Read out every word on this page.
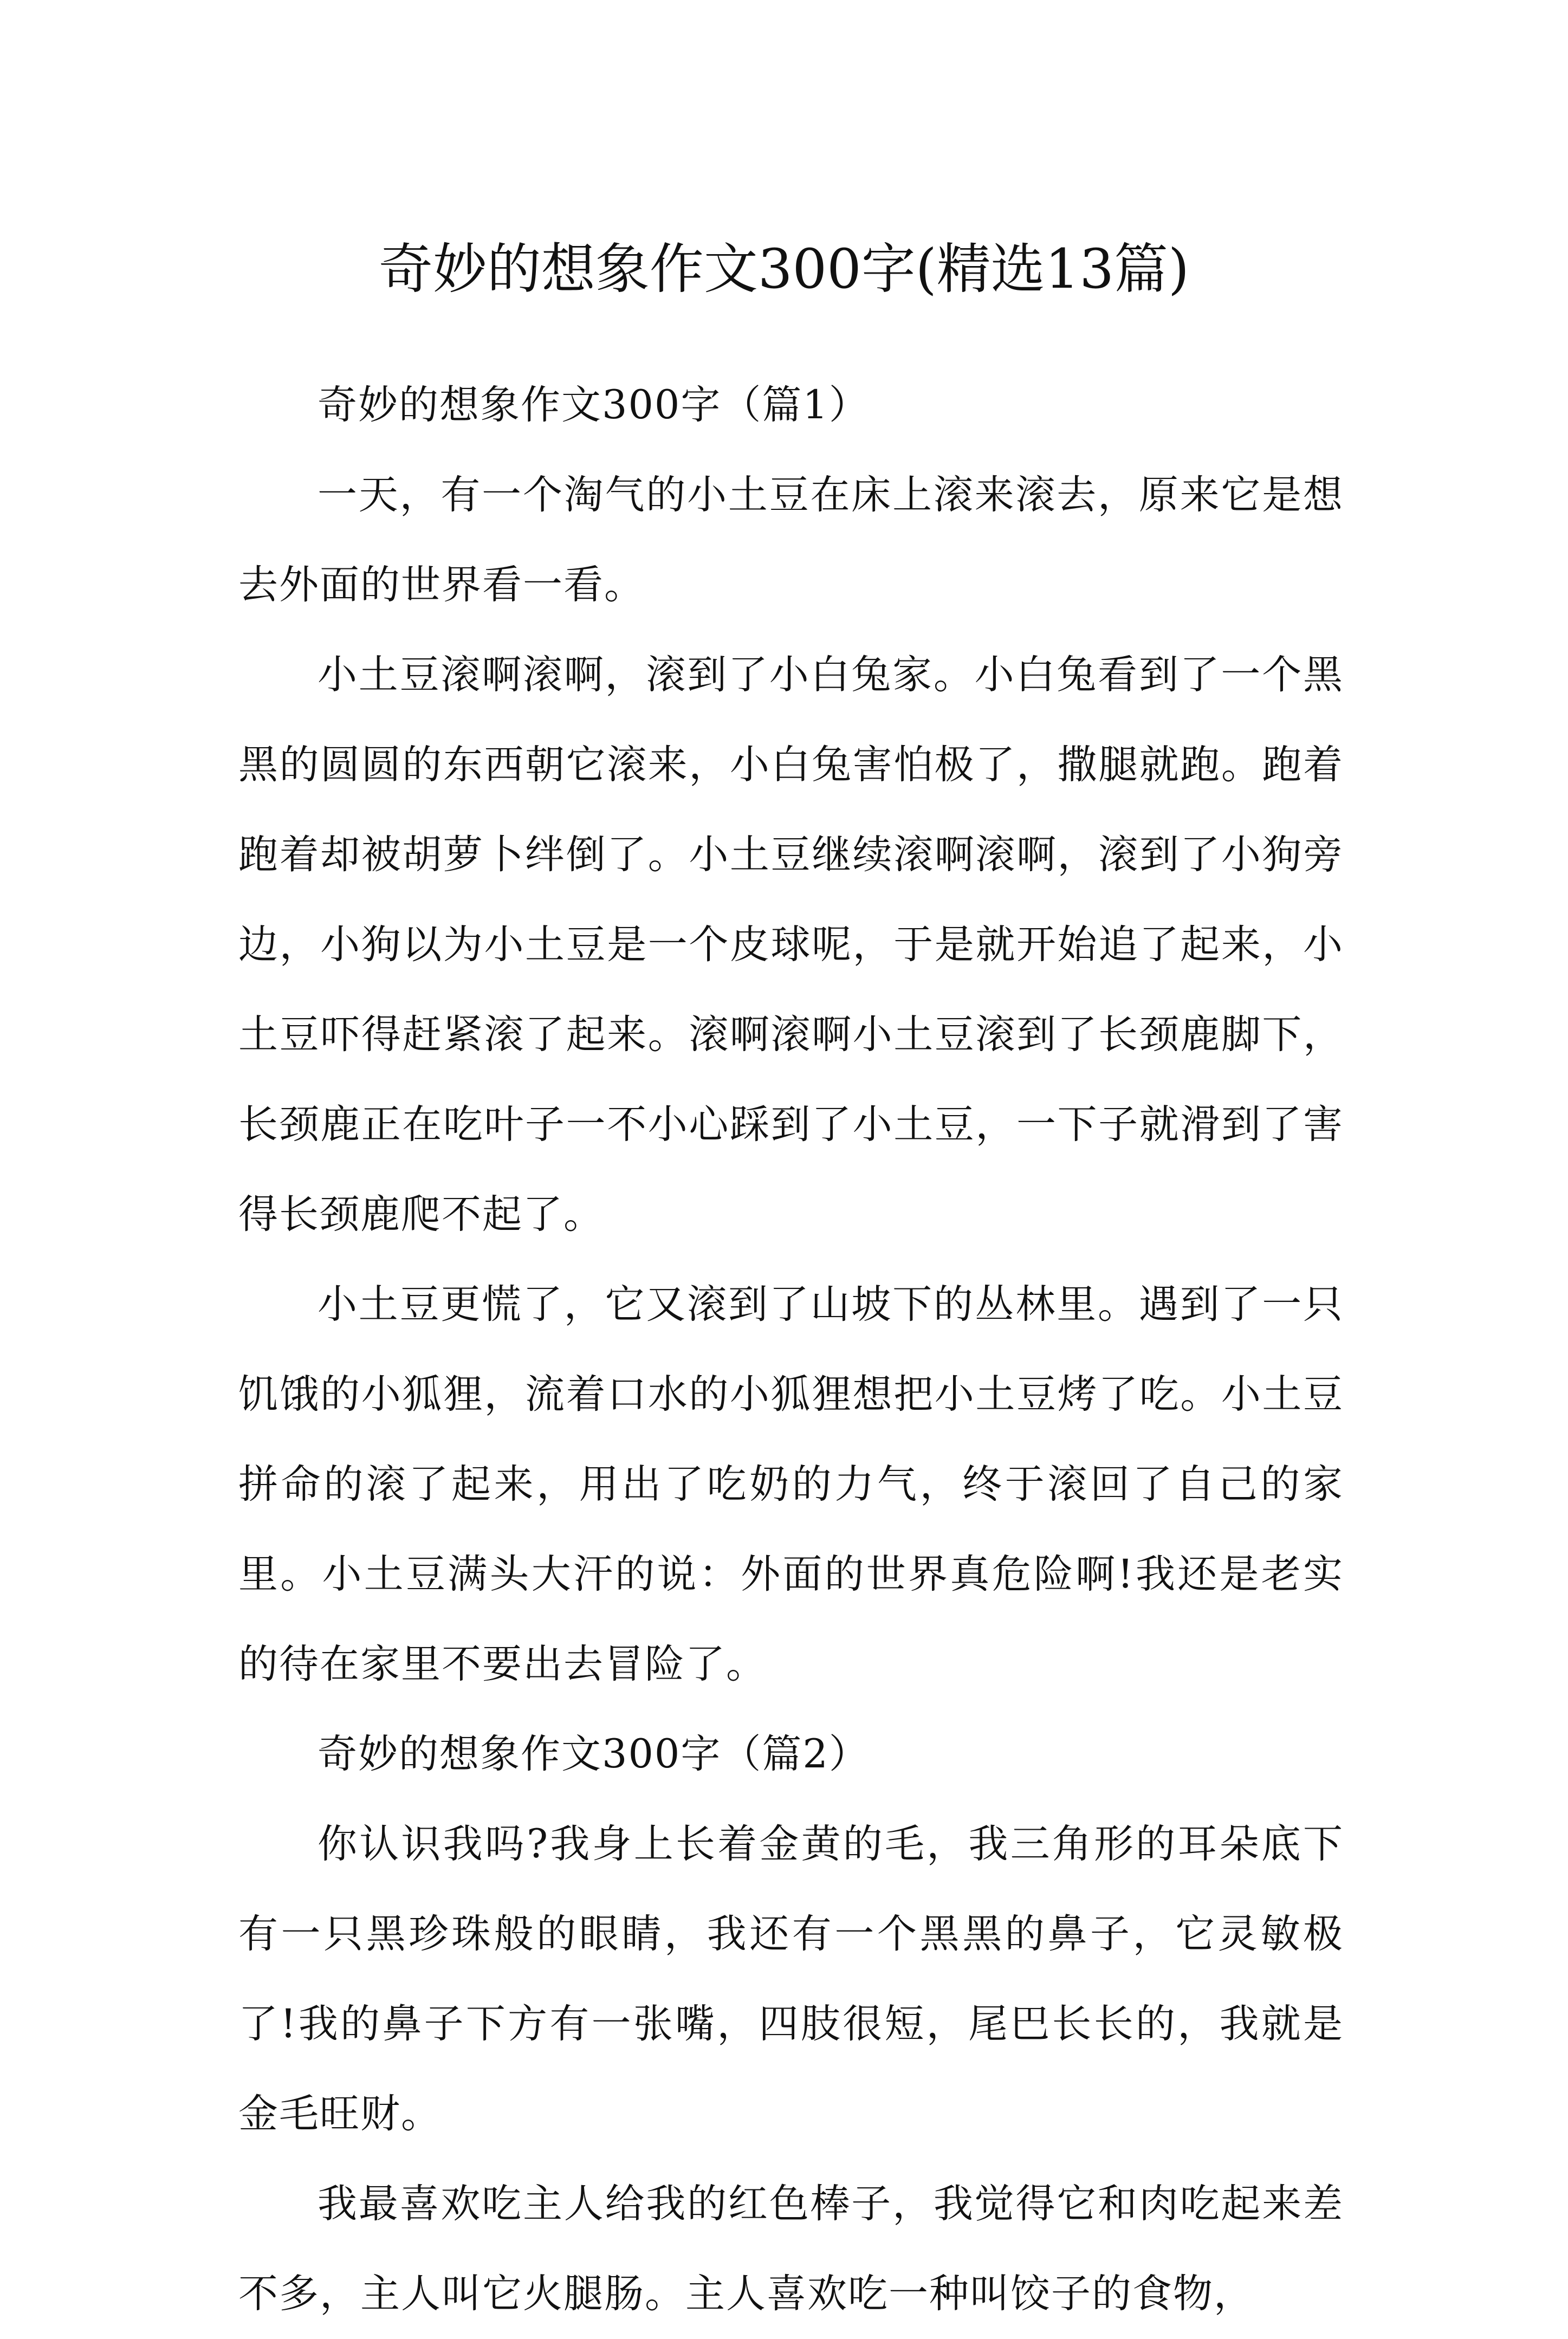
奇妙的想象作文300字(精选13篇)

奇妙的想象作文300字（篇1）

一天，有一个淘气的小土豆在床上滚来滚去，原来它是想去外面的世界看一看。

小土豆滚啊滚啊，滚到了小白兔家。小白兔看到了一个黑黑的圆圆的东西朝它滚来，小白兔害怕极了，撒腿就跑。跑着跑着却被胡萝卜绊倒了。小土豆继续滚啊滚啊，滚到了小狗旁边，小狗以为小土豆是一个皮球呢，于是就开始追了起来，小土豆吓得赶紧滚了起来。滚啊滚啊小土豆滚到了长颈鹿脚下，长颈鹿正在吃叶子一不小心踩到了小土豆，一下子就滑到了害得长颈鹿爬不起了。

小土豆更慌了，它又滚到了山坡下的丛林里。遇到了一只饥饿的小狐狸，流着口水的小狐狸想把小土豆烤了吃。小土豆拼命的滚了起来，用出了吃奶的力气，终于滚回了自己的家里。小土豆满头大汗的说：外面的世界真危险啊!我还是老实的待在家里不要出去冒险了。

奇妙的想象作文300字（篇2）

你认识我吗?我身上长着金黄的毛，我三角形的耳朵底下有一只黑珍珠般的眼睛，我还有一个黑黑的鼻子，它灵敏极了!我的鼻子下方有一张嘴，四肢很短，尾巴长长的，我就是金毛旺财。

我最喜欢吃主人给我的红色棒子，我觉得它和肉吃起来差不多，主人叫它火腿肠。主人喜欢吃一种叫饺子的食物，
